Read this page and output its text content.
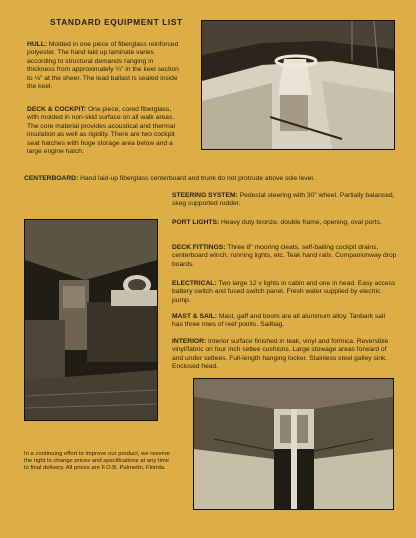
STANDARD EQUIPMENT LIST

HULL: Molded in one piece of fiberglass reinforced polyester. The hand laid up laminate varies according to structural demands ranging in thickness from approximately ¼" in the keel section to ⅛" at the sheer. The lead ballast is sealed inside the keel.

DECK & COCKPIT: One piece, cored fiberglass, with molded in non-skid surface on all walk areas. The core material provides acoustical and thermal insulation as well as rigidity. There are two cockpit seat hatches with huge storage area below and a large engine hatch.

CENTERBOARD: Hand laid-up fiberglass centerboard and trunk do not protrude above sole level.

STEERING SYSTEM: Pedestal steering with 30" wheel. Partially balanced, skeg supported rudder.

PORT LIGHTS: Heavy duty bronze, double frame, opening, oval ports.

DECK FITTINGS: Three 8" mooring cleats, self-bailing cockpit drains, centerboard winch, running lights, etc. Teak hand rails. Companionway drop boards.

ELECTRICAL: Two large 12 v lights in cabin and one in head. Easy access battery switch and fused switch panel. Fresh water supplied by electric pump.

MAST & SAIL: Mast, gaff and boom are all aluminum alloy. Tanbark sail has three rows of reef points. Sailbag.

INTERIOR: Interior surface finished in teak, vinyl and formica. Reversible vinyl/fabric on four inch settee cushions. Large stowage areas forward of and under settees. Full-length hanging locker. Stainless steel galley sink. Enclosed head.

In a continuing effort to improve our product, we reserve the right to change prices and specifications at any time to final delivery. All prices are F.O.B. Palmetto, Florida.
